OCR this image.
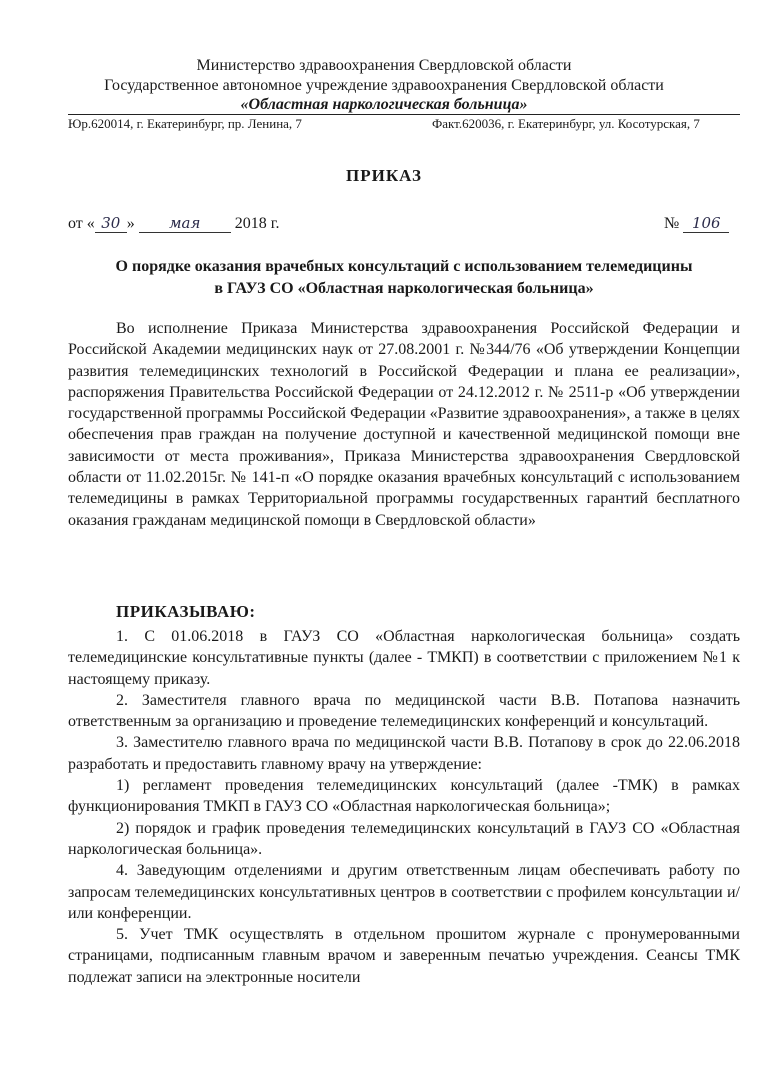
Министерство здравоохранения Свердловской области
Государственное автономное учреждение здравоохранения Свердловской области
«Областная наркологическая больница»
Юр.620014, г. Екатеринбург, пр. Ленина, 7	Факт.620036, г. Екатеринбург, ул. Косотурская, 7
ПРИКАЗ
от « 30 » мая 2018 г.	№ 106
О порядке оказания врачебных консультаций с использованием телемедицины
в ГАУЗ СО «Областная наркологическая больница»
Во исполнение Приказа Министерства здравоохранения Российской Федерации и Российской Академии медицинских наук от 27.08.2001 г. №344/76 «Об утверждении Концепции развития телемедицинских технологий в Российской Федерации и плана ее реализации», распоряжения Правительства Российской Федерации от 24.12.2012 г. № 2511-р «Об утверждении государственной программы Российской Федерации «Развитие здравоохранения», а также в целях обеспечения прав граждан на получение доступной и качественной медицинской помощи вне зависимости от места проживания», Приказа Министерства здравоохранения Свердловской области от 11.02.2015г. № 141-п «О порядке оказания врачебных консультаций с использованием телемедицины в рамках Территориальной программы государственных гарантий бесплатного оказания гражданам медицинской помощи в Свердловской области»
ПРИКАЗЫВАЮ:

1. С 01.06.2018 в ГАУЗ СО «Областная наркологическая больница» создать телемедицинские консультативные пункты (далее - ТМКП) в соответствии с приложением №1 к настоящему приказу.

2. Заместителя главного врача по медицинской части В.В. Потапова назначить ответственным за организацию и проведение телемедицинских конференций и консультаций.

3. Заместителю главного врача по медицинской части В.В. Потапову в срок до 22.06.2018 разработать и предоставить главному врачу на утверждение:

1) регламент проведения телемедицинских консультаций (далее -ТМК) в рамках функционирования ТМКП в ГАУЗ СО «Областная наркологическая больница»;

2) порядок и график проведения телемедицинских консультаций в ГАУЗ СО «Областная наркологическая больница».

4. Заведующим отделениями и другим ответственным лицам обеспечивать работу по запросам телемедицинских консультативных центров в соответствии с профилем консультации и/или конференции.

5. Учет ТМК осуществлять в отдельном прошитом журнале с пронумерованными страницами, подписанным главным врачом и заверенным печатью учреждения. Сеансы ТМК подлежат записи на электронные носители
